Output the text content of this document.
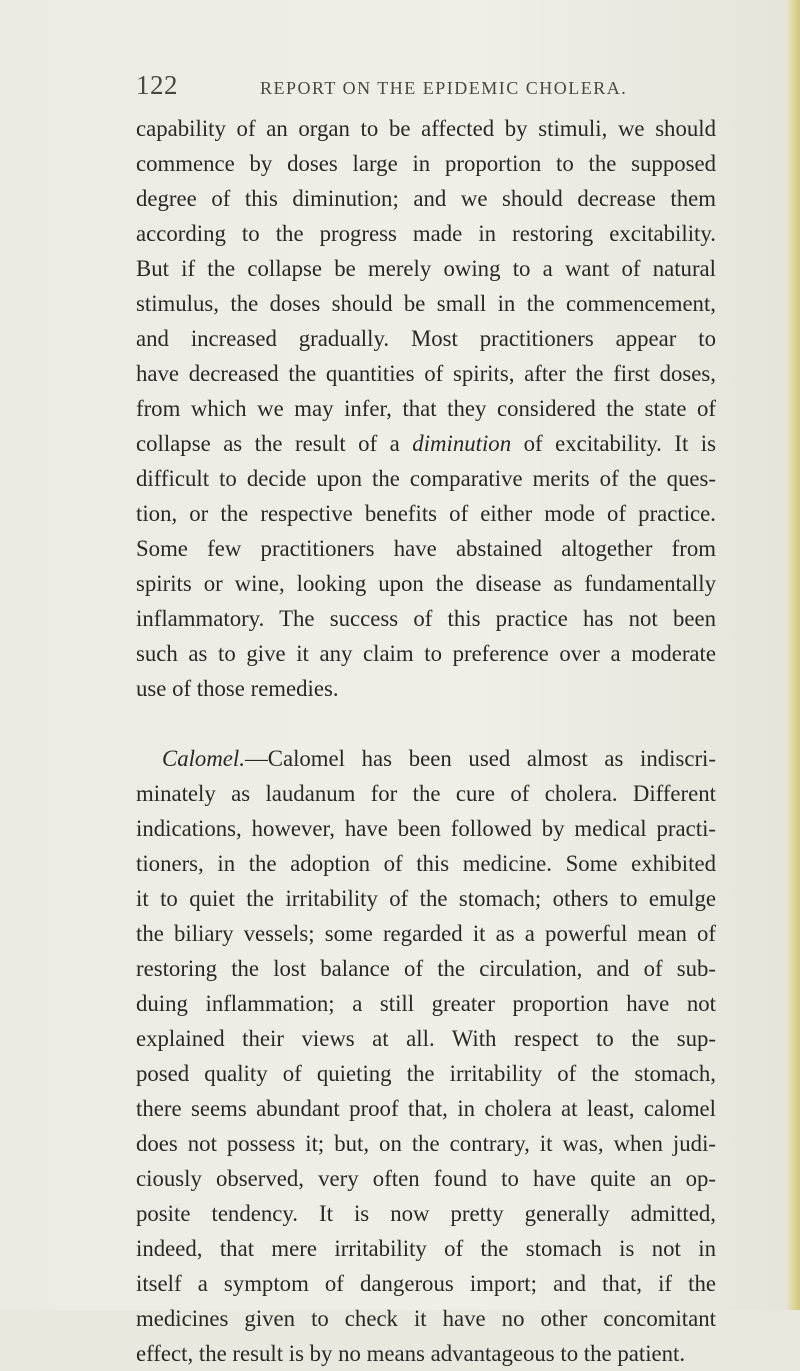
122	REPORT ON THE EPIDEMIC CHOLERA.
capability of an organ to be affected by stimuli, we should
commence by doses large in proportion to the supposed
degree of this diminution; and we should decrease them
according to the progress made in restoring excitability.
But if the collapse be merely owing to a want of natural
stimulus, the doses should be small in the commencement,
and increased gradually. Most practitioners appear to
have decreased the quantities of spirits, after the first doses,
from which we may infer, that they considered the state of
collapse as the result of a diminution of excitability. It is
difficult to decide upon the comparative merits of the ques-
tion, or the respective benefits of either mode of practice.
Some few practitioners have abstained altogether from
spirits or wine, looking upon the disease as fundamentally
inflammatory. The success of this practice has not been
such as to give it any claim to preference over a moderate
use of those remedies.
Calomel.—Calomel has been used almost as indiscri-
minately as laudanum for the cure of cholera. Different
indications, however, have been followed by medical practi-
tioners, in the adoption of this medicine. Some exhibited
it to quiet the irritability of the stomach; others to emulge
the biliary vessels; some regarded it as a powerful mean of
restoring the lost balance of the circulation, and of sub-
duing inflammation; a still greater proportion have not
explained their views at all. With respect to the sup-
posed quality of quieting the irritability of the stomach,
there seems abundant proof that, in cholera at least, calomel
does not possess it; but, on the contrary, it was, when judi-
ciously observed, very often found to have quite an op-
posite tendency. It is now pretty generally admitted,
indeed, that mere irritability of the stomach is not in
itself a symptom of dangerous import; and that, if the
medicines given to check it have no other concomitant
effect, the result is by no means advantageous to the patient.
